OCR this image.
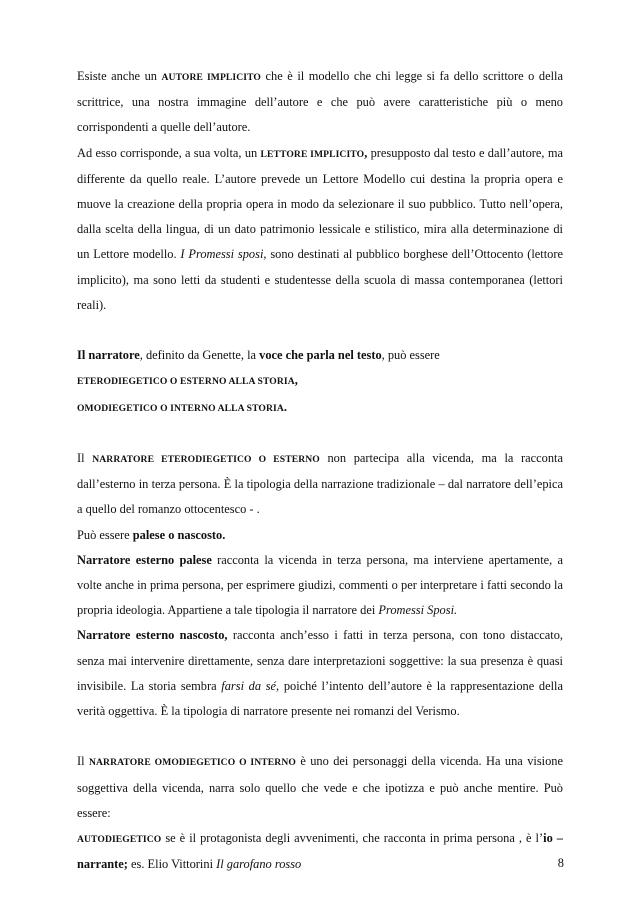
Esiste anche un AUTORE IMPLICITO che è il modello che chi legge si fa dello scrittore o della scrittrice, una nostra immagine dell’autore e che può avere caratteristiche più o meno corrispondenti a quelle dell’autore.

Ad esso corrisponde, a sua volta, un LETTORE IMPLICITO, presupposto dal testo e dall’autore, ma differente da quello reale. L’autore prevede un Lettore Modello cui destina la propria opera e muove la creazione della propria opera in modo da selezionare il suo pubblico. Tutto nell’opera, dalla scelta della lingua, di un dato patrimonio lessicale e stilistico, mira alla determinazione di un Lettore modello. I Promessi sposi, sono destinati al pubblico borghese dell’Ottocento (lettore implicito), ma sono letti da studenti e studentesse della scuola di massa contemporanea (lettori reali).

Il narratore, definito da Genette, la voce che parla nel testo, può essere

ETERODIEGETICO O ESTERNO ALLA STORIA,

OMODIEGETICO O INTERNO ALLA STORIA.

Il NARRATORE ETERODIEGETICO O ESTERNO non partecipa alla vicenda, ma la racconta dall’esterno in terza persona. È la tipologia della narrazione tradizionale – dal narratore dell’epica a quello del romanzo ottocentesco - .

Può essere palese o nascosto.

Narratore esterno palese racconta la vicenda in terza persona, ma interviene apertamente, a volte anche in prima persona, per esprimere giudizi, commenti o per interpretare i fatti secondo la propria ideologia. Appartiene a tale tipologia il narratore dei Promessi Sposi.

Narratore esterno nascosto, racconta anch’esso i fatti in terza persona, con tono distaccato, senza mai intervenire direttamente, senza dare interpretazioni soggettive: la sua presenza è quasi invisibile. La storia sembra farsi da sé, poiché l’intento dell’autore è la rappresentazione della verità oggettiva. È la tipologia di narratore presente nei romanzi del Verismo.

Il NARRATORE OMODIEGETICO O INTERNO è uno dei personaggi della vicenda. Ha una visione soggettiva della vicenda, narra solo quello che vede e che ipotizza e può anche mentire. Può essere:

AUTODIEGETICO se è il protagonista degli avvenimenti, che racconta in prima persona , è l’io – narrante; es. Elio Vittorini Il garofano rosso	8
